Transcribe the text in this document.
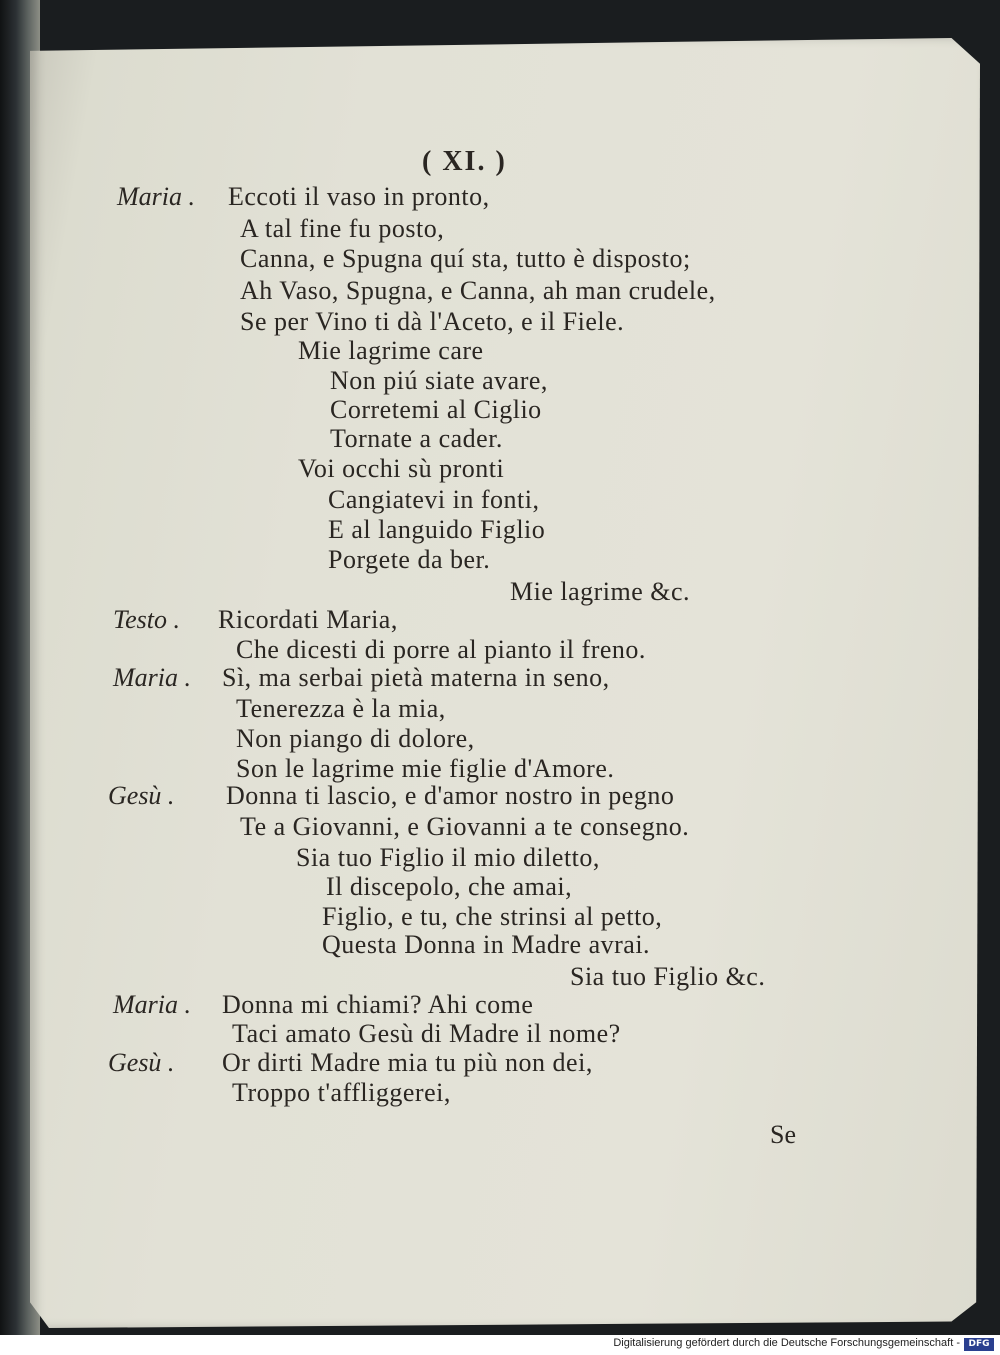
( XI. )
Maria .
Testo .
Maria .
Gesù .
Maria .
Gesù .
Eccoti il vaso in pronto,
A tal fine fu posto,
Canna, e Spugna quí sta, tutto è disposto;
Ah Vaso, Spugna, e Canna, ah man crudele,
Se per Vino ti dà l'Aceto, e il Fiele.
Mie lagrime care
Non piú siate avare,
Corretemi al Ciglio
Tornate a cader.
Voi occhi sù pronti
Cangiatevi in fonti,
E al languido Figlio
Porgete da ber.
Mie lagrime &c.
Ricordati Maria,
Che dicesti di porre al pianto il freno.
Sì, ma serbai pietà materna in seno,
Tenerezza è la mia,
Non piango di dolore,
Son le lagrime mie figlie d'Amore.
Donna ti lascio, e d'amor nostro in pegno
Te a Giovanni, e Giovanni a te consegno.
Sia tuo Figlio il mio diletto,
Il discepolo, che amai,
Figlio, e tu, che strinsi al petto,
Questa Donna in Madre avrai.
Sia tuo Figlio &c.
Donna mi chiami? Ahi come
Taci amato Gesù di Madre il nome?
Or dirti Madre mia tu più non dei,
Troppo t'affliggerei,
Se
Digitalisierung gefördert durch die Deutsche Forschungsgemeinschaft - DFG
